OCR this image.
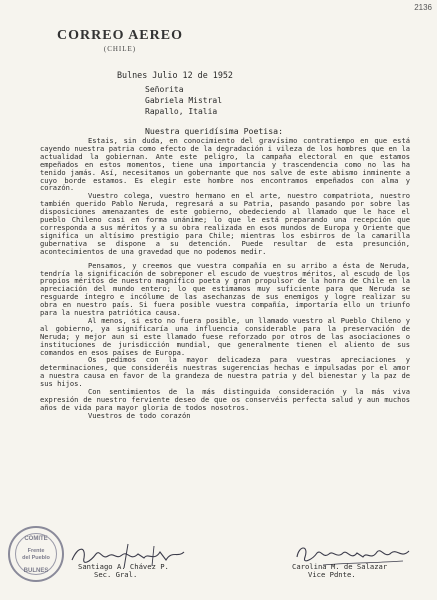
2136
CORREO AEREO
(CHILE)
Bulnes Julio 12 de 1952
Señorita
Gabriela Mistral
Rapallo, Italia
Nuestra queridísima Poetisa:

Estais, sin duda, en conocimiento del gravísimo contratiempo en que está cayendo nuestra patria como efecto de la degradación i vileza de los hombres que en la actualidad la gobiernan. Ante este peligro, la campaña electoral en que estamos empeñados en estos momentos, tiene una importancia y trascendencia como no las ha tenido jamás. Así, necesitamos un gobernante que nos salve de este abismo inminente a cuyo borde estamos. Es elegir este hombre nos encontramos empeñados con alma y corazón.

Vuestro colega, vuestro hermano en el arte, nuestro compatriota, nuestro también querido Pablo Neruda, regresará a su Patria, pasando pasando por sobre las disposiciones amenazantes de este gobierno, obedeciendo al llamado que le hace el pueblo Chileno casi en forma unánime; lo que le está preparando una recepción que corresponda a sus méritos y a su obra realizada en esos mundos de Europa y Oriente que significa un altísimo prestigio para Chile; mientras los esbirros de la camarilla gubernativa se dispone a su detención. Puede resultar de esta presunción, acontecimientos de una gravedad que no podemos medir.

Pensamos, y creemos que vuestra compañía en su arribo a ésta de Neruda, tendría la significación de sobreponer el escudo de vuestros méritos, al escudo de los propios méritos de nuestro magnífico poeta y gran propulsor de la honra de Chile en la apreciación del mundo entero; lo que estimamos muy suficiente para que Neruda se resguarde íntegro e incólume de las asechanzas de sus enemigos y logre realizar su obra en nuestro país. Si fuera posible vuestra compañía, importaría ello un triunfo para la nuestra patriótica causa.

Al menos, si esto no fuera posible, un llamado vuestro al Pueblo Chileno y al gobierno, ya significaría una influencia considerable para la preservación de Neruda; y mejor aun si este llamado fuese reforzado por otros de las asociaciones o instituciones de jurisdicción mundial, que generalmente tienen el aliento de sus comandos en esos países de Europa.

Os pedimos con la mayor delicadeza para vuestras apreciaciones y determinaciones, que consideréis nuestras sugerencias hechas e impulsadas por el amor a nuestra causa en favor de la grandeza de nuestra patria y del bienestar y la paz de sus hijos.

Con sentimientos de la más distinguida consideración y la más viva expresión de nuestro ferviente deseo de que os conservéis perfecta salud y aun muchos años de vida para mayor gloria de todos nosotros.

Vuestros de todo corazón

COMITE
Frente
del Pueblo
BULNES	Santiago A. Chávez P.
Sec. Gral.
Carolina M. de Salazar
Vice Pdnte.
